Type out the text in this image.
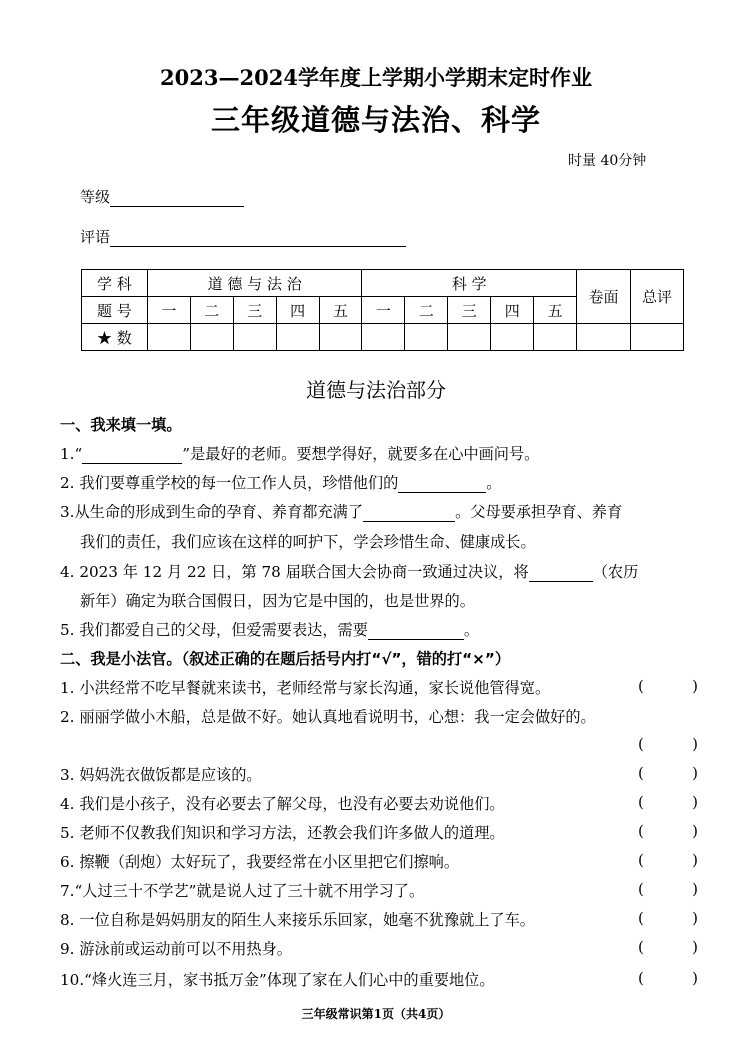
2023—2024学年度上学期小学期末定时作业
三年级道德与法治、科学
时量 40分钟
等级
评语
学 科	道 德 与 法 治					科 学					卷面	总评
题 号	一	二	三	四	五	一	二	三	四	五		
★ 数												
道德与法治部分
一、我来填一填。
1.“	”是最好的老师。要想学得好，就要多在心中画问号。
2. 我们要尊重学校的每一位工作人员，珍惜他们的	。
3.从生命的形成到生命的孕育、养育都充满了	。父母要承担孕育、养育
我们的责任，我们应该在这样的呵护下，学会珍惜生命、健康成长。
4. 2023 年 12 月 22 日，第 78 届联合国大会协商一致通过决议，将	（农历
新年）确定为联合国假日，因为它是中国的，也是世界的。
5. 我们都爱自己的父母，但爱需要表达，需要	。
二、我是小法官。（叙述正确的在题后括号内打“√”，错的打“×”）
1. 小洪经常不吃早餐就来读书，老师经常与家长沟通，家长说他管得宽。	(	)
2. 丽丽学做小木船，总是做不好。她认真地看说明书，心想：我一定会做好的。
(	)
3. 妈妈洗衣做饭都是应该的。	(	)
4. 我们是小孩子，没有必要去了解父母，也没有必要去劝说他们。	(	)
5. 老师不仅教我们知识和学习方法，还教会我们许多做人的道理。	(	)
6. 擦鞭（刮炮）太好玩了，我要经常在小区里把它们擦响。	(	)
7.“人过三十不学艺”就是说人过了三十就不用学习了。	(	)
8. 一位自称是妈妈朋友的陌生人来接乐乐回家，她毫不犹豫就上了车。	(	)
9. 游泳前或运动前可以不用热身。	(	)
10.“烽火连三月，家书抵万金”体现了家在人们心中的重要地位。	(	)
三年级常识第1页（共4页）
